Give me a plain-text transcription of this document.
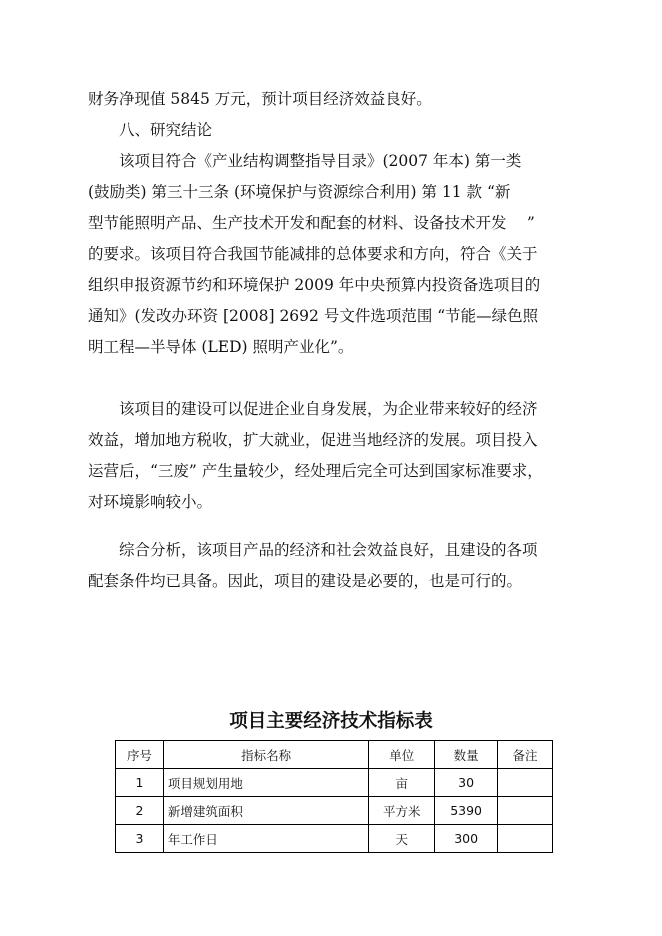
财务净现值 5845 万元，预计项目经济效益良好。

八、研究结论

该项目符合《产业结构调整指导目录》(2007 年本) 第一类
(鼓励类) 第三十三条 (环境保护与资源综合利用) 第 11 款 “新
型节能照明产品、生产技术开发和配套的材料、设备技术开发　 ”
的要求。该项目符合我国节能减排的总体要求和方向，符合《关于
组织申报资源节约和环境保护 2009 年中央预算内投资备选项目的
通知》(发改办环资 [2008] 2692 号文件选项范围 “节能—绿色照
明工程—半导体 (LED) 照明产业化”。

该项目的建设可以促进企业自身发展，为企业带来较好的经济
效益，增加地方税收，扩大就业，促进当地经济的发展。项目投入
运营后，“三废” 产生量较少，经处理后完全可达到国家标准要求，
对环境影响较小。

综合分析，该项目产品的经济和社会效益良好，且建设的各项
配套条件均已具备。因此，项目的建设是必要的，也是可行的。

项目主要经济技术指标表
序号	指标名称	单位	数量	备注
1	项目规划用地	亩	30	
2	新增建筑面积	平方米	5390	
3	年工作日	天	300	
